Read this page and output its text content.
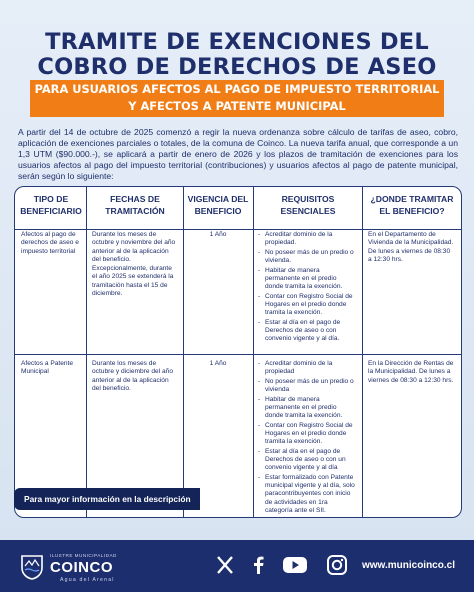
TRAMITE DE EXENCIONES DEL
COBRO DE DERECHOS DE ASEO
PARA USUARIOS AFECTOS AL PAGO DE IMPUESTO TERRITORIAL
Y AFECTOS A PATENTE MUNICIPAL
A partir del 14 de octubre de 2025 comenzó a regir la nueva ordenanza sobre cálculo de tarifas de aseo, cobro, aplicación de exenciones parciales o totales, de la comuna de Coinco. La nueva tarifa anual, que corresponde a un 1,3 UTM ($90.000.-), se aplicará a partir de enero de 2026 y los plazos de tramitación de exenciones para los usuarios afectos al pago del impuesto territorial (contribuciones) y usuarios afectos al pago de patente municipal, serán según lo siguiente:
TIPO DE BENEFICIARIO
FECHAS DE TRAMITACIÓN
VIGENCIA DEL BENEFICIO
REQUISITOS ESENCIALES
¿DONDE TRAMITAR EL BENEFICIO?
Afectos al pago de derechos de aseo e impuesto territorial
Durante los meses de octubre y noviembre del año anterior al de la aplicación del beneficio.
Excepcionalmente, durante el año 2025 se extenderá la tramitación hasta el 15 de diciembre.
1 Año	- Acreditar dominio de la propiedad.
- No poseer más de un predio o vivienda.
- Habitar de manera permanente en el predio donde tramita la exención.
- Contar con Registro Social de Hogares en el predio donde tramita la exención.
- Estar al día en el pago de Derechos de aseo o con convenio vigente y al día.
En el Departamento de Vivienda de la Municipalidad. De lunes a viernes de 08:30 a 12:30 hrs.
Afectos a Patente Municipal
Durante los meses de octubre y diciembre del año anterior al de la aplicación del beneficio.
1 Año	- Acreditar dominio de la propiedad
- No poseer más de un predio o vivienda
- Habitar de manera permanente en el predio donde tramita la exención.
- Contar con Registro Social de Hogares en el predio donde tramita la exención.
- Estar al día en el pago de Derechos de aseo o con un convenio vigente y al día
- Estar formalizado con Patente municipal vigente y al día, solo paracontribuyentes con inicio de actividades en 1ra categoría ante el SII.
En la Dirección de Rentas de la Municipalidad. De lunes a viernes de 08:30 a 12:30 hrs.
Para mayor información en la descripción
ILUSTRE MUNICIPALIDAD
COINCO
Agua del Arenal
www.municoinco.cl
